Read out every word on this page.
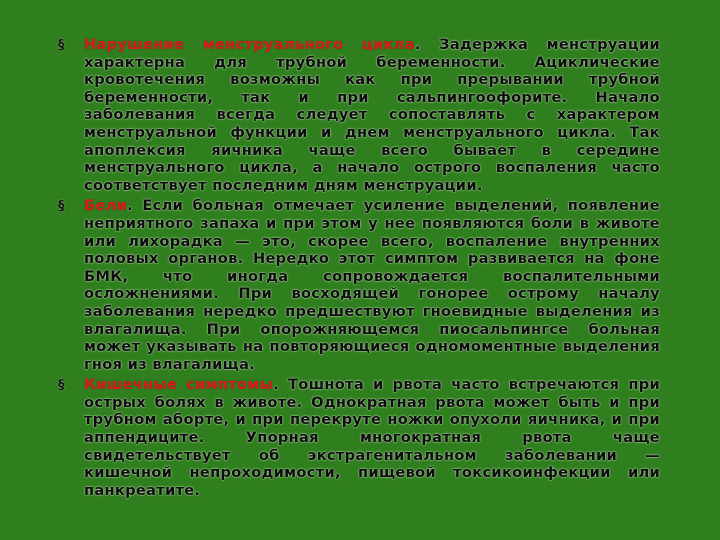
§	Нарушение менструального цикла. Задержка менструации характерна для трубной беременности. Ациклические кровотечения возможны как при прерывании трубной беременности, так и при сальпингоофорите. Начало заболевания всегда следует сопоставлять с характером менструальной функции и днем менструального цикла. Так апоплексия яичника чаще всего бывает в середине менструального цикла, а начало острого воспаления часто соответствует последним дням менструации.
§	Бели. Если больная отмечает усиление выделений, появление неприятного запаха и при этом у нее появляются боли в животе или лихорадка — это, скорее всего, воспаление внутренних половых органов. Нередко этот симптом развивается на фоне БМК, что иногда сопровождается воспалительными осложнениями. При восходящей гонорее острому началу заболевания нередко предшествуют гноевидные выделения из влагалища. При опорожняющемся пиосальпингсе больная может указывать на повторяющиеся одномоментные выделения гноя из влагалища.
§	Кишечные симптомы. Тошнота и рвота часто встречаются при острых болях в животе. Однократная рвота может быть и при трубном аборте, и при перекруте ножки опухоли яичника, и при аппендиците. Упорная многократная рвота чаще свидетельствует об экстрагенитальном заболевании — кишечной непроходимости, пищевой токсикоинфекции или панкреатите.
